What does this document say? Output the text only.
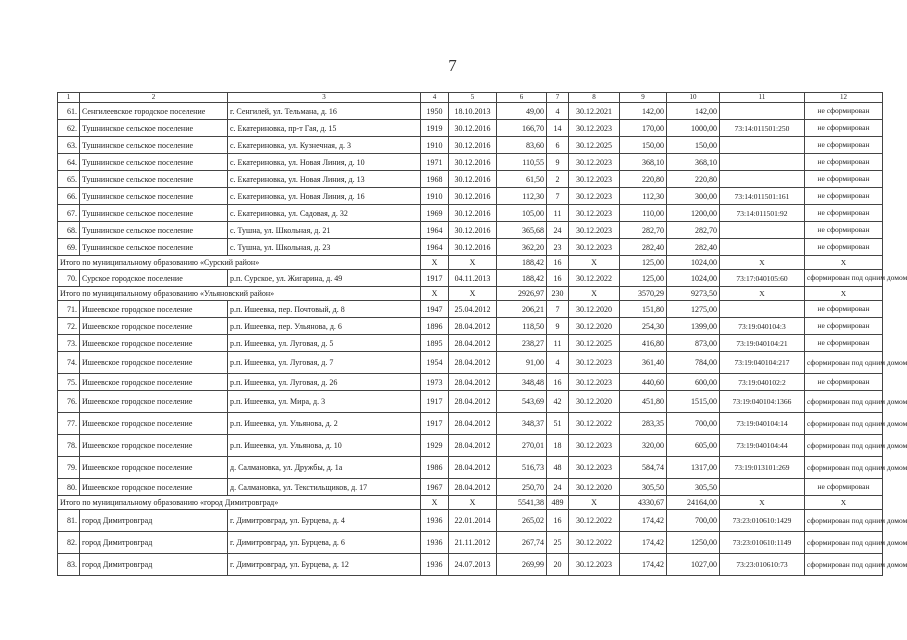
7
1	2	3	4	5	6	7	8	9	10	11	12
61.	Сенгилеевское городское поселение	г. Сенгилей, ул. Тельмана, д. 16	1950	18.10.2013	49,00	4	30.12.2021	142,00	142,00		не сформирован
62.	Тушнинское сельское поселение	с. Екатериновка, пр-т Гая, д. 15	1919	30.12.2016	166,70	14	30.12.2023	170,00	1000,00	73:14:011501:250	не сформирован
63.	Тушнинское сельское поселение	с. Екатериновка, ул. Кузнечная, д. 3	1910	30.12.2016	83,60	6	30.12.2025	150,00	150,00		не сформирован
64.	Тушнинское сельское поселение	с. Екатериновка, ул. Новая Линия, д. 10	1971	30.12.2016	110,55	9	30.12.2023	368,10	368,10		не сформирован
65.	Тушнинское сельское поселение	с. Екатериновка, ул. Новая Линия, д. 13	1968	30.12.2016	61,50	2	30.12.2023	220,80	220,80		не сформирован
66.	Тушнинское сельское поселение	с. Екатериновка, ул. Новая Линия, д. 16	1910	30.12.2016	112,30	7	30.12.2023	112,30	300,00	73:14:011501:161	не сформирован
67.	Тушнинское сельское поселение	с. Екатериновка, ул. Садовая, д. 32	1969	30.12.2016	105,00	11	30.12.2023	110,00	1200,00	73:14:011501:92	не сформирован
68.	Тушнинское сельское поселение	с. Тушна, ул. Школьная, д. 21	1964	30.12.2016	365,68	24	30.12.2023	282,70	282,70		не сформирован
69.	Тушнинское сельское поселение	с. Тушна, ул. Школьная, д. 23	1964	30.12.2016	362,20	23	30.12.2023	282,40	282,40		не сформирован
Итого по муниципальному образованию «Сурский район»			X	X	188,42	16	X	125,00	1024,00	X	X
70.	Сурское городское поселение	р.п. Сурское, ул. Жигарина, д. 49	1917	04.11.2013	188,42	16	30.12.2022	125,00	1024,00	73:17:040105:60	сформирован под одним домом
Итого по муниципальному образованию «Ульяновский район»			X	X	2926,97	230	X	3570,29	9273,50	X	X
71.	Ишеевское городское поселение	р.п. Ишеевка, пер. Почтовый, д. 8	1947	25.04.2012	206,21	7	30.12.2020	151,80	1275,00		не сформирован
72.	Ишеевское городское поселение	р.п. Ишеевка, пер. Ульянова, д. 6	1896	28.04.2012	118,50	9	30.12.2020	254,30	1399,00	73:19:040104:3	не сформирован
73.	Ишеевское городское поселение	р.п. Ишеевка, ул. Луговая, д. 5	1895	28.04.2012	238,27	11	30.12.2025	416,80	873,00	73:19:040104:21	не сформирован
74.	Ишеевское городское поселение	р.п. Ишеевка, ул. Луговая, д. 7	1954	28.04.2012	91,00	4	30.12.2023	361,40	784,00	73:19:040104:217	сформирован под одним домом
75.	Ишеевское городское поселение	р.п. Ишеевка, ул. Луговая, д. 26	1973	28.04.2012	348,48	16	30.12.2023	440,60	600,00	73:19:040102:2	не сформирован
76.	Ишеевское городское поселение	р.п. Ишеевка, ул. Мира, д. 3	1917	28.04.2012	543,69	42	30.12.2020	451,80	1515,00	73:19:040104:1366	сформирован под одним домом
77.	Ишеевское городское поселение	р.п. Ишеевка, ул. Ульянова, д. 2	1917	28.04.2012	348,37	51	30.12.2022	283,35	700,00	73:19:040104:14	сформирован под одним домом
78.	Ишеевское городское поселение	р.п. Ишеевка, ул. Ульянова, д. 10	1929	28.04.2012	270,01	18	30.12.2023	320,00	605,00	73:19:040104:44	сформирован под одним домом
79.	Ишеевское городское поселение	д. Салмановка, ул. Дружбы, д. 1а	1986	28.04.2012	516,73	48	30.12.2023	584,74	1317,00	73:19:013101:269	сформирован под одним домом
80.	Ишеевское городское поселение	д. Салмановка, ул. Текстильщиков, д. 17	1967	28.04.2012	250,70	24	30.12.2020	305,50	305,50		не сформирован
Итого по муниципальному образованию «город Димитровград»			X	X	5541,38	489	X	4330,67	24164,00	X	X
81.	город Димитровград	г. Димитровград, ул. Бурцева, д. 4	1936	22.01.2014	265,02	16	30.12.2022	174,42	700,00	73:23:010610:1429	сформирован под одним домом
82.	город Димитровград	г. Димитровград, ул. Бурцева, д. 6	1936	21.11.2012	267,74	25	30.12.2022	174,42	1250,00	73:23:010610:1149	сформирован под одним домом
83.	город Димитровград	г. Димитровград, ул. Бурцева, д. 12	1936	24.07.2013	269,99	20	30.12.2023	174,42	1027,00	73:23:010610:73	сформирован под одним домом
